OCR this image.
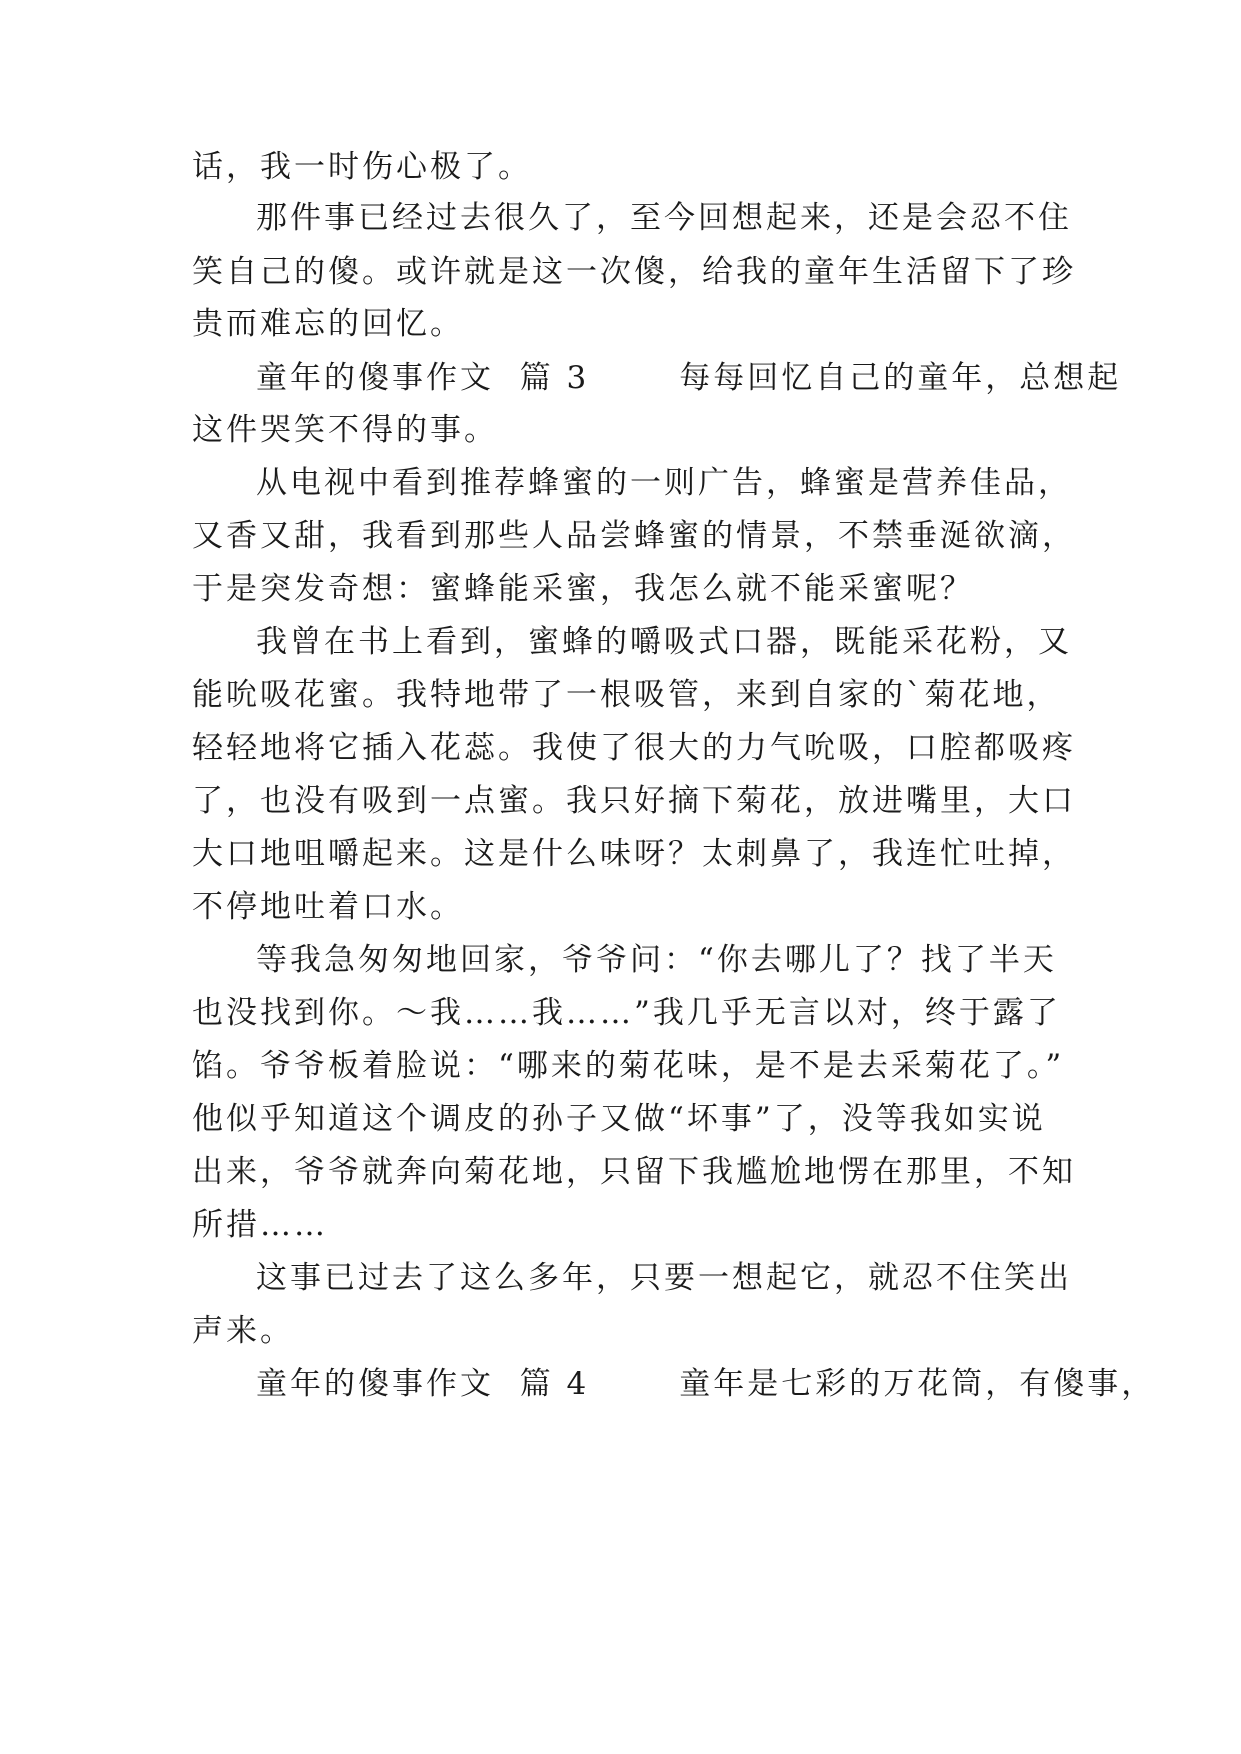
话，我一时伤心极了。
那件事已经过去很久了，至今回想起来，还是会忍不住
笑自己的傻。或许就是这一次傻，给我的童年生活留下了珍
贵而难忘的回忆。
童年的傻事作文  篇 3       每每回忆自己的童年，总想起
这件哭笑不得的事。
从电视中看到推荐蜂蜜的一则广告，蜂蜜是营养佳品，
又香又甜，我看到那些人品尝蜂蜜的情景，不禁垂涎欲滴，
于是突发奇想：蜜蜂能采蜜，我怎么就不能采蜜呢？
我曾在书上看到，蜜蜂的嚼吸式口器，既能采花粉，又
能吮吸花蜜。我特地带了一根吸管，来到自家的`菊花地，
轻轻地将它插入花蕊。我使了很大的力气吮吸，口腔都吸疼
了，也没有吸到一点蜜。我只好摘下菊花，放进嘴里，大口
大口地咀嚼起来。这是什么味呀？太刺鼻了，我连忙吐掉，
不停地吐着口水。
等我急匆匆地回家，爷爷问：“你去哪儿了？找了半天
也没找到你。～我……我……”我几乎无言以对，终于露了
馅。爷爷板着脸说：“哪来的菊花味，是不是去采菊花了。”
他似乎知道这个调皮的孙子又做“坏事”了，没等我如实说
出来，爷爷就奔向菊花地，只留下我尴尬地愣在那里，不知
所措……
这事已过去了这么多年，只要一想起它，就忍不住笑出
声来。
童年的傻事作文  篇 4       童年是七彩的万花筒，有傻事，
